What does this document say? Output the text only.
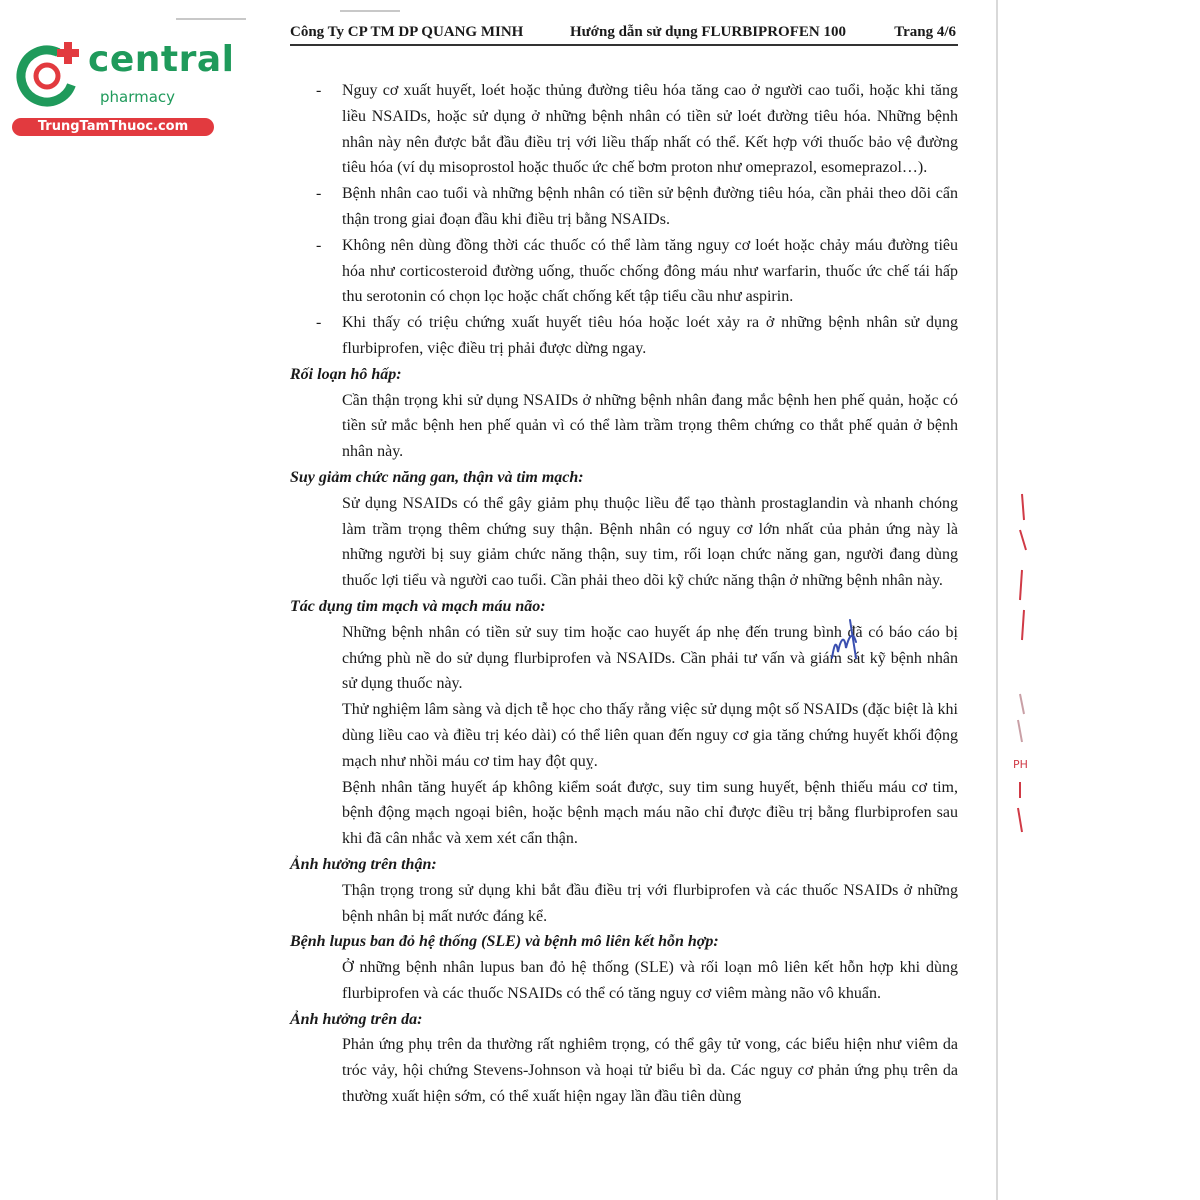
central
pharmacy
TrungTamThuoc.com
Công Ty CP TM DP QUANG MINH	Hướng dẫn sử dụng FLURBIPROFEN 100	Trang 4/6
- Nguy cơ xuất huyết, loét hoặc thủng đường tiêu hóa tăng cao ở người cao tuổi, hoặc khi tăng liều NSAIDs, hoặc sử dụng ở những bệnh nhân có tiền sử loét đường tiêu hóa. Những bệnh nhân này nên được bắt đầu điều trị với liều thấp nhất có thể. Kết hợp với thuốc bảo vệ đường tiêu hóa (ví dụ misoprostol hoặc thuốc ức chế bơm proton như omeprazol, esomeprazol…).
- Bệnh nhân cao tuổi và những bệnh nhân có tiền sử bệnh đường tiêu hóa, cần phải theo dõi cẩn thận trong giai đoạn đầu khi điều trị bằng NSAIDs.
- Không nên dùng đồng thời các thuốc có thể làm tăng nguy cơ loét hoặc chảy máu đường tiêu hóa như corticosteroid đường uống, thuốc chống đông máu như warfarin, thuốc ức chế tái hấp thu serotonin có chọn lọc hoặc chất chống kết tập tiểu cầu như aspirin.
- Khi thấy có triệu chứng xuất huyết tiêu hóa hoặc loét xảy ra ở những bệnh nhân sử dụng flurbiprofen, việc điều trị phải được dừng ngay.

Rối loạn hô hấp:

Cần thận trọng khi sử dụng NSAIDs ở những bệnh nhân đang mắc bệnh hen phế quản, hoặc có tiền sử mắc bệnh hen phế quản vì có thể làm trầm trọng thêm chứng co thắt phế quản ở bệnh nhân này.

Suy giảm chức năng gan, thận và tim mạch:

Sử dụng NSAIDs có thể gây giảm phụ thuộc liều để tạo thành prostaglandin và nhanh chóng làm trầm trọng thêm chứng suy thận. Bệnh nhân có nguy cơ lớn nhất của phản ứng này là những người bị suy giảm chức năng thận, suy tim, rối loạn chức năng gan, người đang dùng thuốc lợi tiểu và người cao tuổi. Cần phải theo dõi kỹ chức năng thận ở những bệnh nhân này.

Tác dụng tim mạch và mạch máu não:

Những bệnh nhân có tiền sử suy tim hoặc cao huyết áp nhẹ đến trung bình đã có báo cáo bị chứng phù nề do sử dụng flurbiprofen và NSAIDs. Cần phải tư vấn và giám sát kỹ bệnh nhân sử dụng thuốc này.

Thử nghiệm lâm sàng và dịch tễ học cho thấy rằng việc sử dụng một số NSAIDs (đặc biệt là khi dùng liều cao và điều trị kéo dài) có thể liên quan đến nguy cơ gia tăng chứng huyết khối động mạch như nhồi máu cơ tim hay đột quỵ.

Bệnh nhân tăng huyết áp không kiểm soát được, suy tim sung huyết, bệnh thiếu máu cơ tim, bệnh động mạch ngoại biên, hoặc bệnh mạch máu não chỉ được điều trị bằng flurbiprofen sau khi đã cân nhắc và xem xét cẩn thận.

Ảnh hưởng trên thận:

Thận trọng trong sử dụng khi bắt đầu điều trị với flurbiprofen và các thuốc NSAIDs ở những bệnh nhân bị mất nước đáng kể.

Bệnh lupus ban đỏ hệ thống (SLE) và bệnh mô liên kết hỗn hợp:

Ở những bệnh nhân lupus ban đỏ hệ thống (SLE) và rối loạn mô liên kết hỗn hợp khi dùng flurbiprofen và các thuốc NSAIDs có thể có tăng nguy cơ viêm màng não vô khuẩn.

Ảnh hưởng trên da:

Phản ứng phụ trên da thường rất nghiêm trọng, có thể gây tử vong, các biểu hiện như viêm da tróc vảy, hội chứng Stevens-Johnson và hoại tử biểu bì da. Các nguy cơ phản ứng phụ trên da thường xuất hiện sớm, có thể xuất hiện ngay lần đầu tiên dùng

PH
